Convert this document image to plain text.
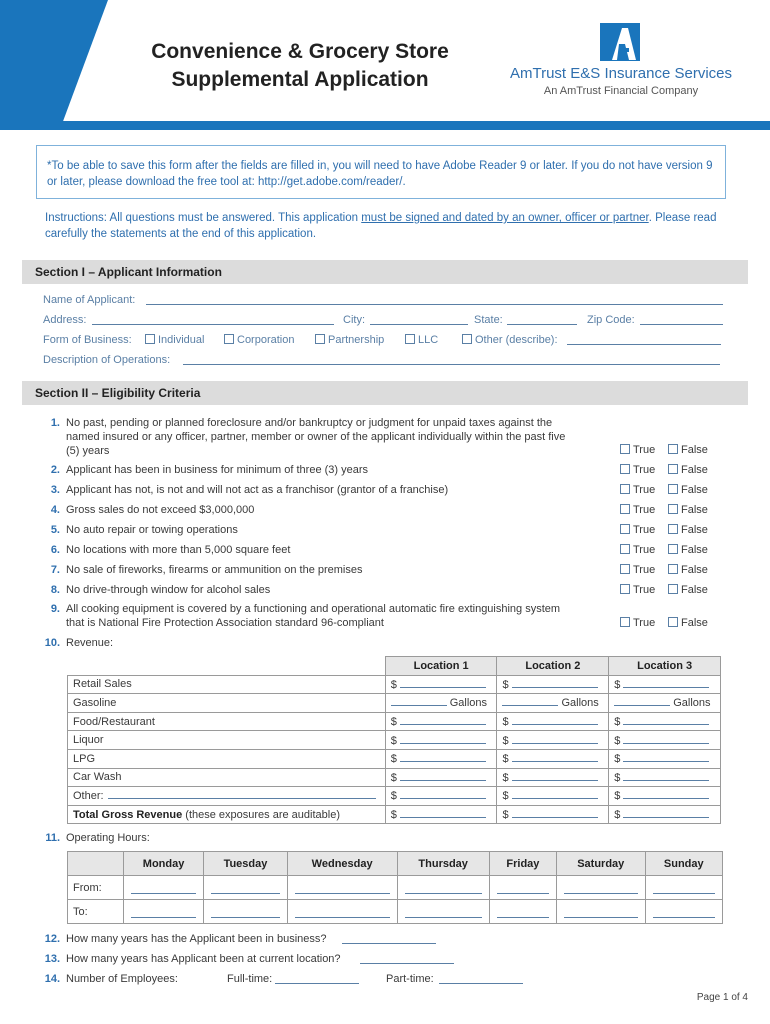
Convenience & Grocery Store
Supplemental Application	AmTrust E&S Insurance Services
An AmTrust Financial Company
*To be able to save this form after the fields are filled in, you will need to have Adobe Reader 9 or later. If you do not have version 9 or later, please download the free tool at: http://get.adobe.com/reader/.
Instructions: All questions must be answered. This application must be signed and dated by an owner, officer or partner. Please read carefully the statements at the end of this application.
Section I – Applicant Information
Name of Applicant:
Address:	City:	State:	Zip Code:
Form of Business:	Individual	Corporation	Partnership	LLC	Other (describe):
Description of Operations:
Section II – Eligibility Criteria
1. No past, pending or planned foreclosure and/or bankruptcy or judgment for unpaid taxes against the named insured or any officer, partner, member or owner of the applicant individually within the past five (5) years	True False
2. Applicant has been in business for minimum of three (3) years	True False
3. Applicant has not, is not and will not act as a franchisor (grantor of a franchise)	True False
4. Gross sales do not exceed $3,000,000	True False
5. No auto repair or towing operations	True False
6. No locations with more than 5,000 square feet	True False
7. No sale of fireworks, firearms or ammunition on the premises	True False
8. No drive-through window for alcohol sales	True False
9. All cooking equipment is covered by a functioning and operational automatic fire extinguishing system that is National Fire Protection Association standard 96-compliant	True False
10. Revenue:
	Location 1	Location 2	Location 3
Retail Sales	$	$	$
Gasoline	Gallons	Gallons	Gallons
Food/Restaurant	$	$	$
Liquor	$	$	$
LPG	$	$	$
Car Wash	$	$	$
Other:	$	$	$
Total Gross Revenue (these exposures are auditable)	$	$	$
11. Operating Hours:
	Monday	Tuesday	Wednesday	Thursday	Friday	Saturday	Sunday
From:	

To:	

12. How many years has the Applicant been in business?
13. How many years has Applicant been at current location?
14. Number of Employees:	Full-time:	Part-time:
Page 1 of 4
